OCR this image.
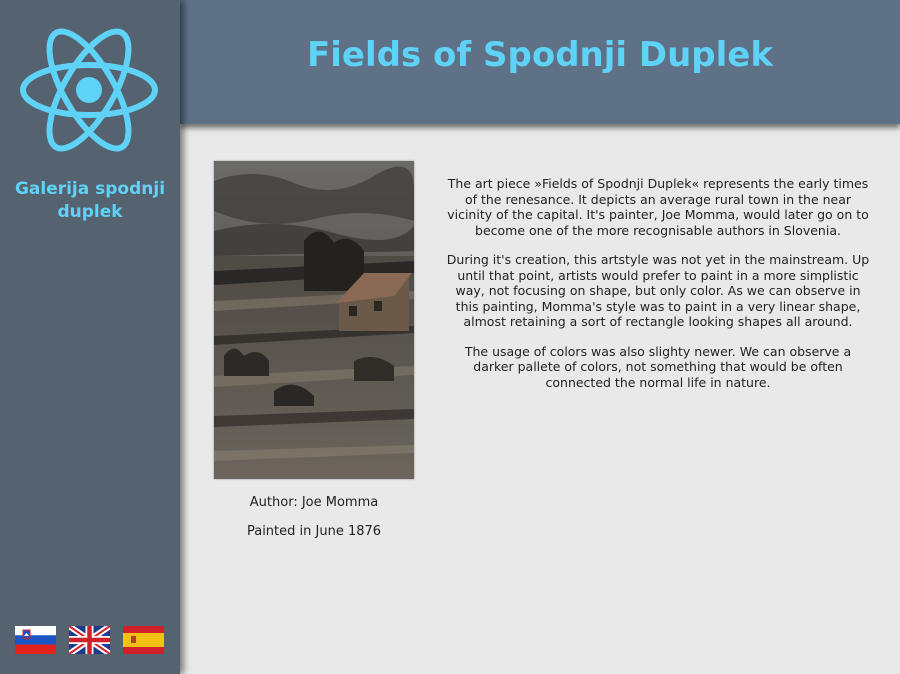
Galerija spodnji duplek
Fields of Spodnji Duplek
Author: Joe Momma
Painted in June 1876

The art piece »Fields of Spodnji Duplek« represents the early times of the renesance. It depicts an average rural town in the near vicinity of the capital. It's painter, Joe Momma, would later go on to become one of the more recognisable authors in Slovenia.

During it's creation, this artstyle was not yet in the mainstream. Up until that point, artists would prefer to paint in a more simplistic way, not focusing on shape, but only color. As we can observe in this painting, Momma's style was to paint in a very linear shape, almost retaining a sort of rectangle looking shapes all around.

The usage of colors was also slighty newer. We can observe a darker pallete of colors, not something that would be often connected the normal life in nature.
